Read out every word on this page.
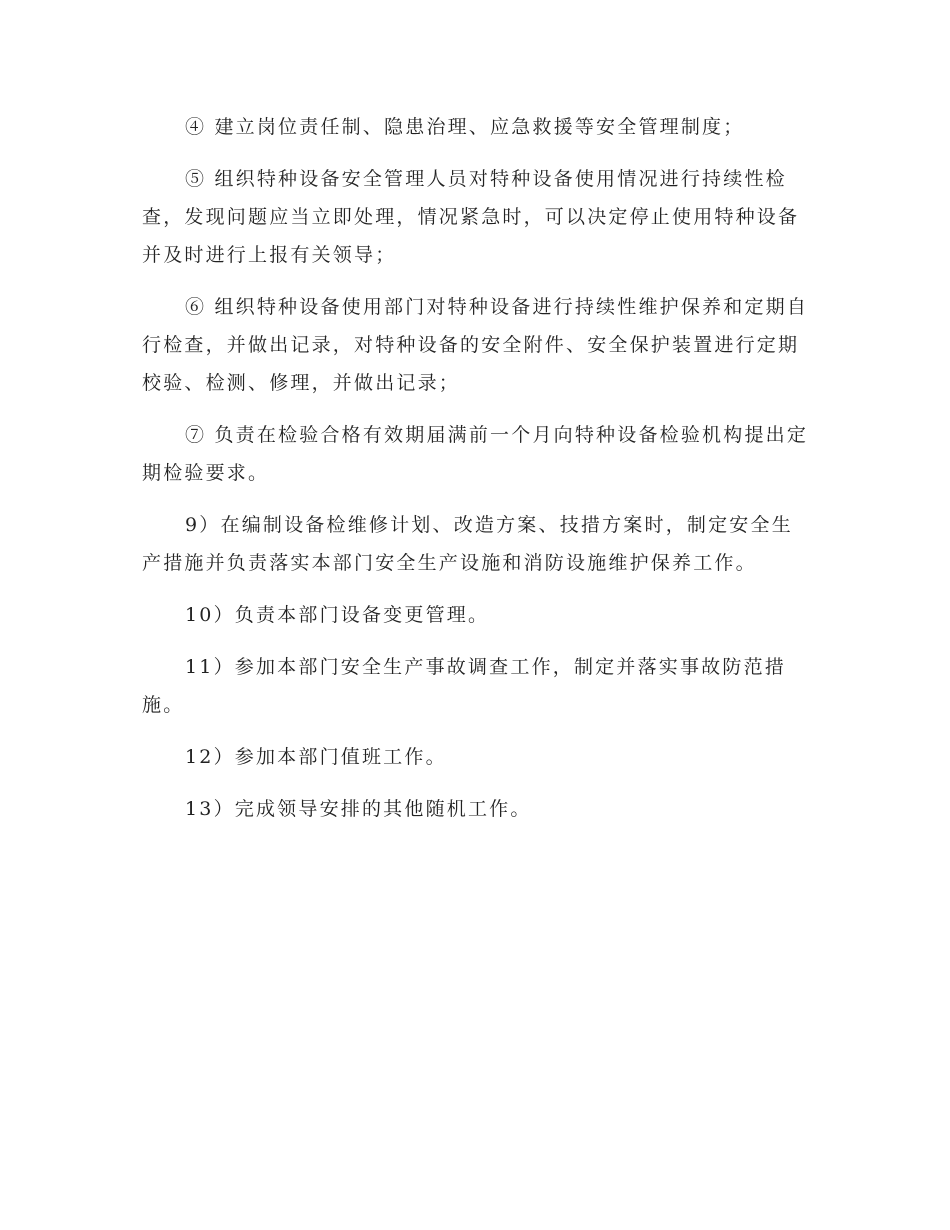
④ 建立岗位责任制、隐患治理、应急救援等安全管理制度；

⑤ 组织特种设备安全管理人员对特种设备使用情况进行持续性检查，发现问题应当立即处理，情况紧急时，可以决定停止使用特种设备并及时进行上报有关领导；

⑥ 组织特种设备使用部门对特种设备进行持续性维护保养和定期自行检查，并做出记录，对特种设备的安全附件、安全保护装置进行定期校验、检测、修理，并做出记录；

⑦ 负责在检验合格有效期届满前一个月向特种设备检验机构提出定期检验要求。

9）在编制设备检维修计划、改造方案、技措方案时，制定安全生产措施并负责落实本部门安全生产设施和消防设施维护保养工作。

10）负责本部门设备变更管理。

11）参加本部门安全生产事故调查工作，制定并落实事故防范措施。

12）参加本部门值班工作。

13）完成领导安排的其他随机工作。
